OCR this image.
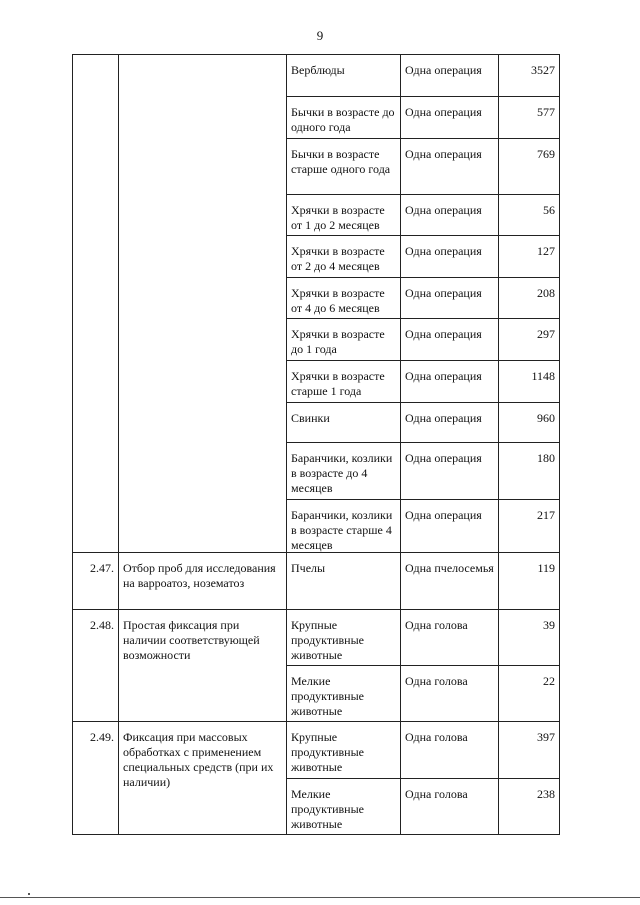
9

		Верблюды	Одна операция	3527

		Бычки в возрасте до одного года	Одна операция	577

		Бычки в возрасте старше одного года	Одна операция	769

		Хрячки в возрасте от 1 до 2 месяцев	Одна операция	56

		Хрячки в возрасте от 2 до 4 месяцев	Одна операция	127

		Хрячки в возрасте от 4 до 6 месяцев	Одна операция	208

		Хрячки в возрасте до 1 года	Одна операция	297

		Хрячки в возрасте старше 1 года	Одна операция	1148

		Свинки	Одна операция	960

		Баранчики, козлики в возрасте до 4 месяцев	Одна операция	180

		Баранчики, козлики в возрасте старше 4 месяцев	Одна операция	217

2.47.	Отбор проб для исследования на варроатоз, нозематоз	Пчелы	Одна пчелосемья	119

2.48.	Простая фиксация при наличии соответствующей возможности	Крупные продуктивные животные	Одна голова	39

		Мелкие продуктивные животные	Одна голова	22

2.49.	Фиксация при массовых обработках с применением специальных средств (при их наличии)	Крупные продуктивные животные	Одна голова	397

		Мелкие продуктивные животные	Одна голова	238
